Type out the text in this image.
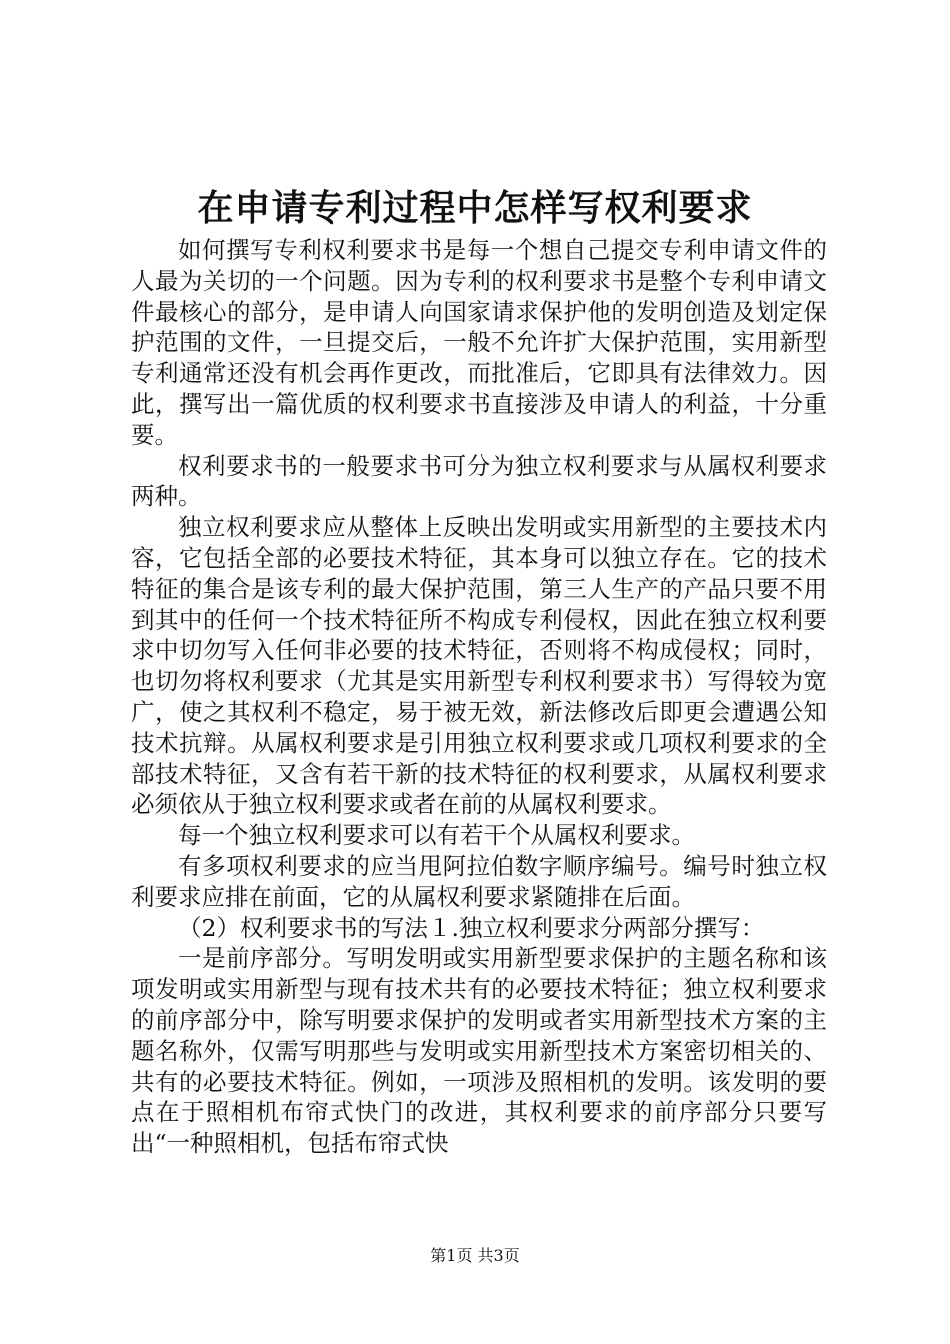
在申请专利过程中怎样写权利要求

如何撰写专利权利要求书是每一个想自己提交专利申请文件的人最为关切的一个问题。因为专利的权利要求书是整个专利申请文件最核心的部分，是申请人向国家请求保护他的发明创造及划定保护范围的文件，一旦提交后，一般不允许扩大保护范围，实用新型专利通常还没有机会再作更改，而批准后，它即具有法律效力。因此，撰写出一篇优质的权利要求书直接涉及申请人的利益，十分重要。

权利要求书的一般要求书可分为独立权利要求与从属权利要求两种。

独立权利要求应从整体上反映出发明或实用新型的主要技术内容，它包括全部的必要技术特征，其本身可以独立存在。它的技术特征的集合是该专利的最大保护范围，第三人生产的产品只要不用到其中的任何一个技术特征所不构成专利侵权，因此在独立权利要求中切勿写入任何非必要的技术特征，否则将不构成侵权；同时，也切勿将权利要求（尤其是实用新型专利权利要求书）写得较为宽广，使之其权利不稳定，易于被无效，新法修改后即更会遭遇公知技术抗辩。从属权利要求是引用独立权利要求或几项权利要求的全部技术特征，又含有若干新的技术特征的权利要求，从属权利要求必须依从于独立权利要求或者在前的从属权利要求。

每一个独立权利要求可以有若干个从属权利要求。

有多项权利要求的应当甩阿拉伯数字顺序编号。编号时独立权利要求应排在前面，它的从属权利要求紧随排在后面。

（2）权利要求书的写法１.独立权利要求分两部分撰写：

一是前序部分。写明发明或实用新型要求保护的主题名称和该项发明或实用新型与现有技术共有的必要技术特征；独立权利要求的前序部分中，除写明要求保护的发明或者实用新型技术方案的主题名称外，仅需写明那些与发明或实用新型技术方案密切相关的、共有的必要技术特征。例如，一项涉及照相机的发明。该发明的要点在于照相机布帘式快门的改进，其权利要求的前序部分只要写出“一种照相机，包括布帘式快

第1页 共3页
